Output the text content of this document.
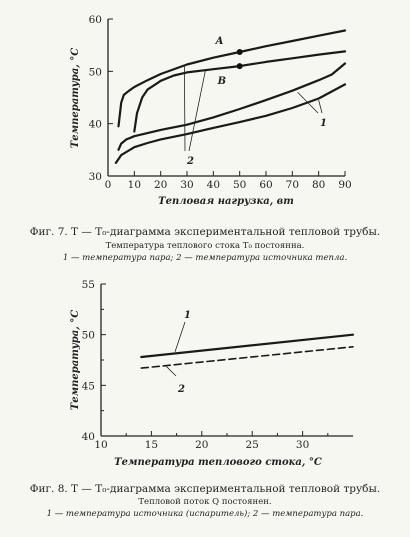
0 10 20 30 40 50 60 70 80 90
30
40
50
60
Тепловая нагрузка, вт
Температура, °С
A
B
1
2
Фиг. 7. T — T₀-диаграмма экспериментальной тепловой трубы.
Температура теплового стока T₀ постоянна.
1 — температура пара; 2 — температура источника тепла.
10	15	20	25	30
40
45
50
55
Температура теплового стока, °С
Температура, °С	1
2
Фиг. 8. T — T₀-диаграмма экспериментальной тепловой трубы.
Тепловой поток Q постоянен.
1 — температура источника (испаритель); 2 — температура пара.
